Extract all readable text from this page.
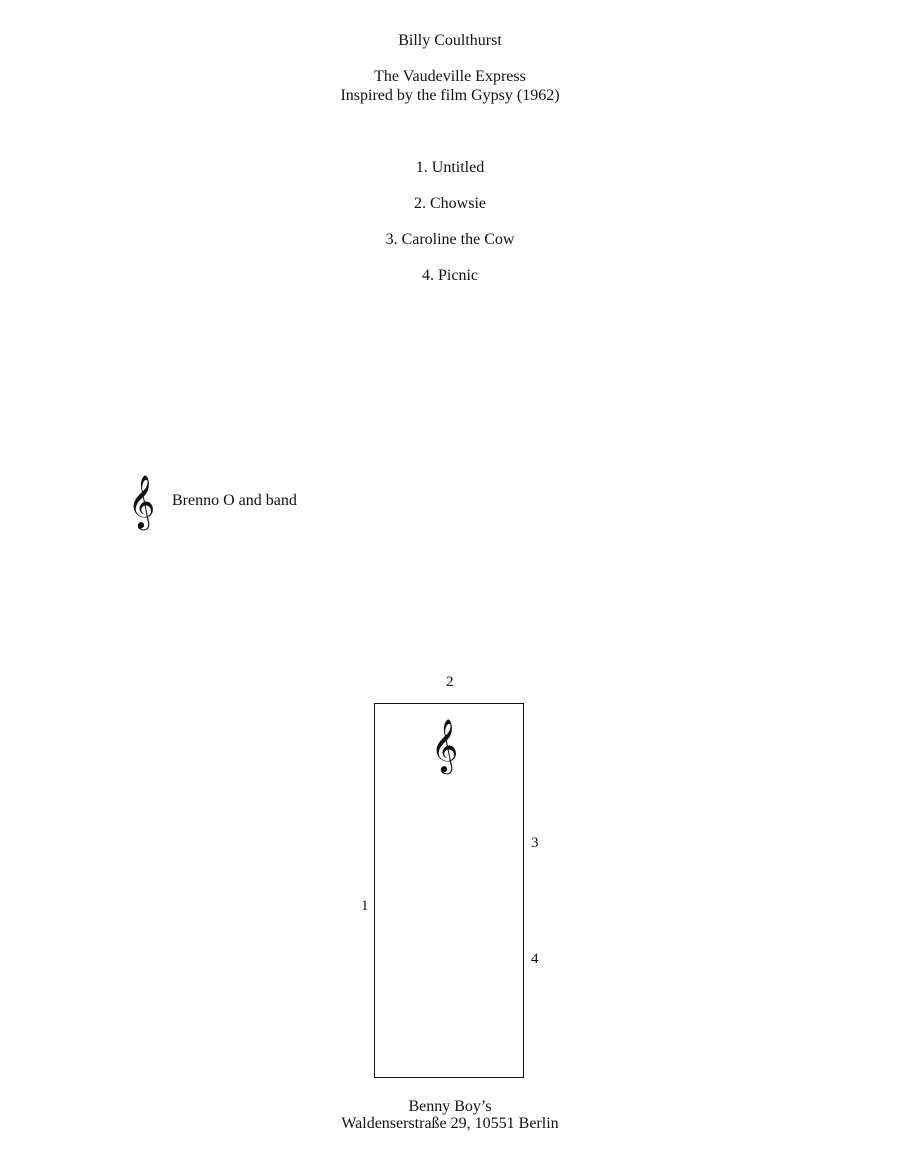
Billy Coulthurst
The Vaudeville Express
Inspired by the film Gypsy (1962)
1. Untitled
2. Chowsie
3. Caroline the Cow
4. Picnic
𝄞	Brenno O and band
2
𝄞
1
3
4
Benny Boy’s
Waldenserstraße 29, 10551 Berlin
